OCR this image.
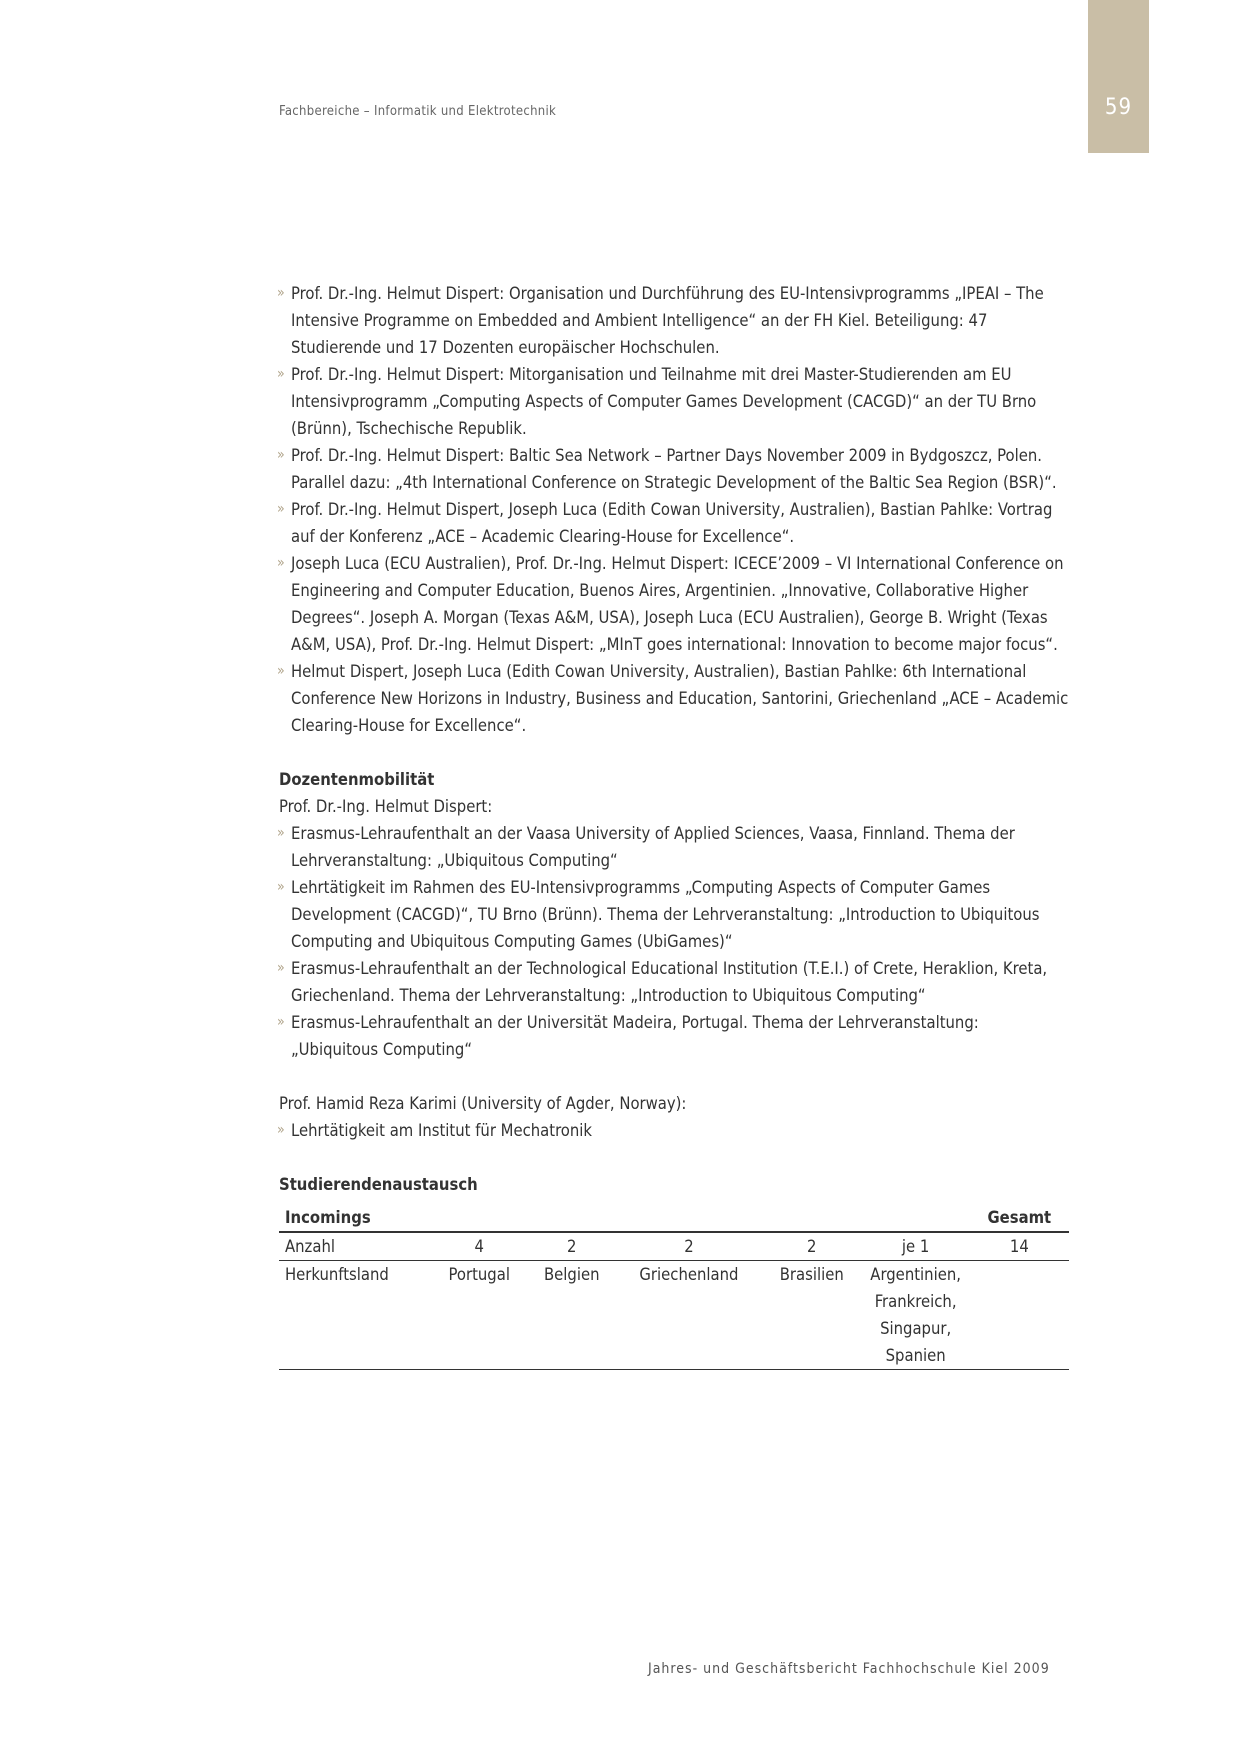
59
Fachbereiche – Informatik und Elektrotechnik
» Prof. Dr.-Ing. Helmut Dispert: Organisation und Durchführung des EU-Intensivprogramms „IPEAI – The Intensive Programme on Embedded and Ambient Intelligence“ an der FH Kiel. Beteiligung: 47 Studierende und 17 Dozenten europäischer Hochschulen.
» Prof. Dr.-Ing. Helmut Dispert: Mitorganisation und Teilnahme mit drei Master-Studierenden am EU Intensivprogramm „Computing Aspects of Computer Games Development (CACGD)“ an der TU Brno (Brünn), Tschechische Republik.
» Prof. Dr.-Ing. Helmut Dispert: Baltic Sea Network – Partner Days November 2009 in Bydgoszcz, Polen. Parallel dazu: „4th International Conference on Strategic Development of the Baltic Sea Region (BSR)“.
» Prof. Dr.-Ing. Helmut Dispert, Joseph Luca (Edith Cowan University, Australien), Bastian Pahlke: Vortrag auf der Konferenz „ACE – Academic Clearing-House for Excellence“.
» Joseph Luca (ECU Australien), Prof. Dr.-Ing. Helmut Dispert: ICECE’2009 – VI International Conference on Engineering and Computer Education, Buenos Aires, Argentinien. „Innovative, Collaborative Higher Degrees“. Joseph A. Morgan (Texas A&M, USA), Joseph Luca (ECU Australien), George B. Wright (Texas A&M, USA), Prof. Dr.-Ing. Helmut Dispert: „MInT goes international: Innovation to become major focus“.
» Helmut Dispert, Joseph Luca (Edith Cowan University, Australien), Bastian Pahlke: 6th International Conference New Horizons in Industry, Business and Education, Santorini, Griechenland „ACE – Academic Clearing-House for Excellence“.
Dozentenmobilität
Prof. Dr.-Ing. Helmut Dispert:
» Erasmus-Lehraufenthalt an der Vaasa University of Applied Sciences, Vaasa, Finnland. Thema der Lehrveranstaltung: „Ubiquitous Computing“
» Lehrtätigkeit im Rahmen des EU-Intensivprogramms „Computing Aspects of Computer Games Development (CACGD)“, TU Brno (Brünn). Thema der Lehrveranstaltung: „Introduction to Ubiquitous Computing and Ubiquitous Computing Games (UbiGames)“
» Erasmus-Lehraufenthalt an der Technological Educational Institution (T.E.I.) of Crete, Heraklion, Kreta, Griechenland. Thema der Lehrveranstaltung: „Introduction to Ubiquitous Computing“
» Erasmus-Lehraufenthalt an der Universität Madeira, Portugal. Thema der Lehrveranstaltung: „Ubiquitous Computing“
Prof. Hamid Reza Karimi (University of Agder, Norway):
» Lehrtätigkeit am Institut für Mechatronik
Studierendenaustausch
Incomings						Gesamt
Anzahl	4	2	2	2	je 1	14
Herkunftsland	Portugal	Belgien	Griechenland	Brasilien	Argentinien, Frankreich, Singapur, Spanien	
Jahres- und Geschäftsbericht Fachhochschule Kiel 2009
